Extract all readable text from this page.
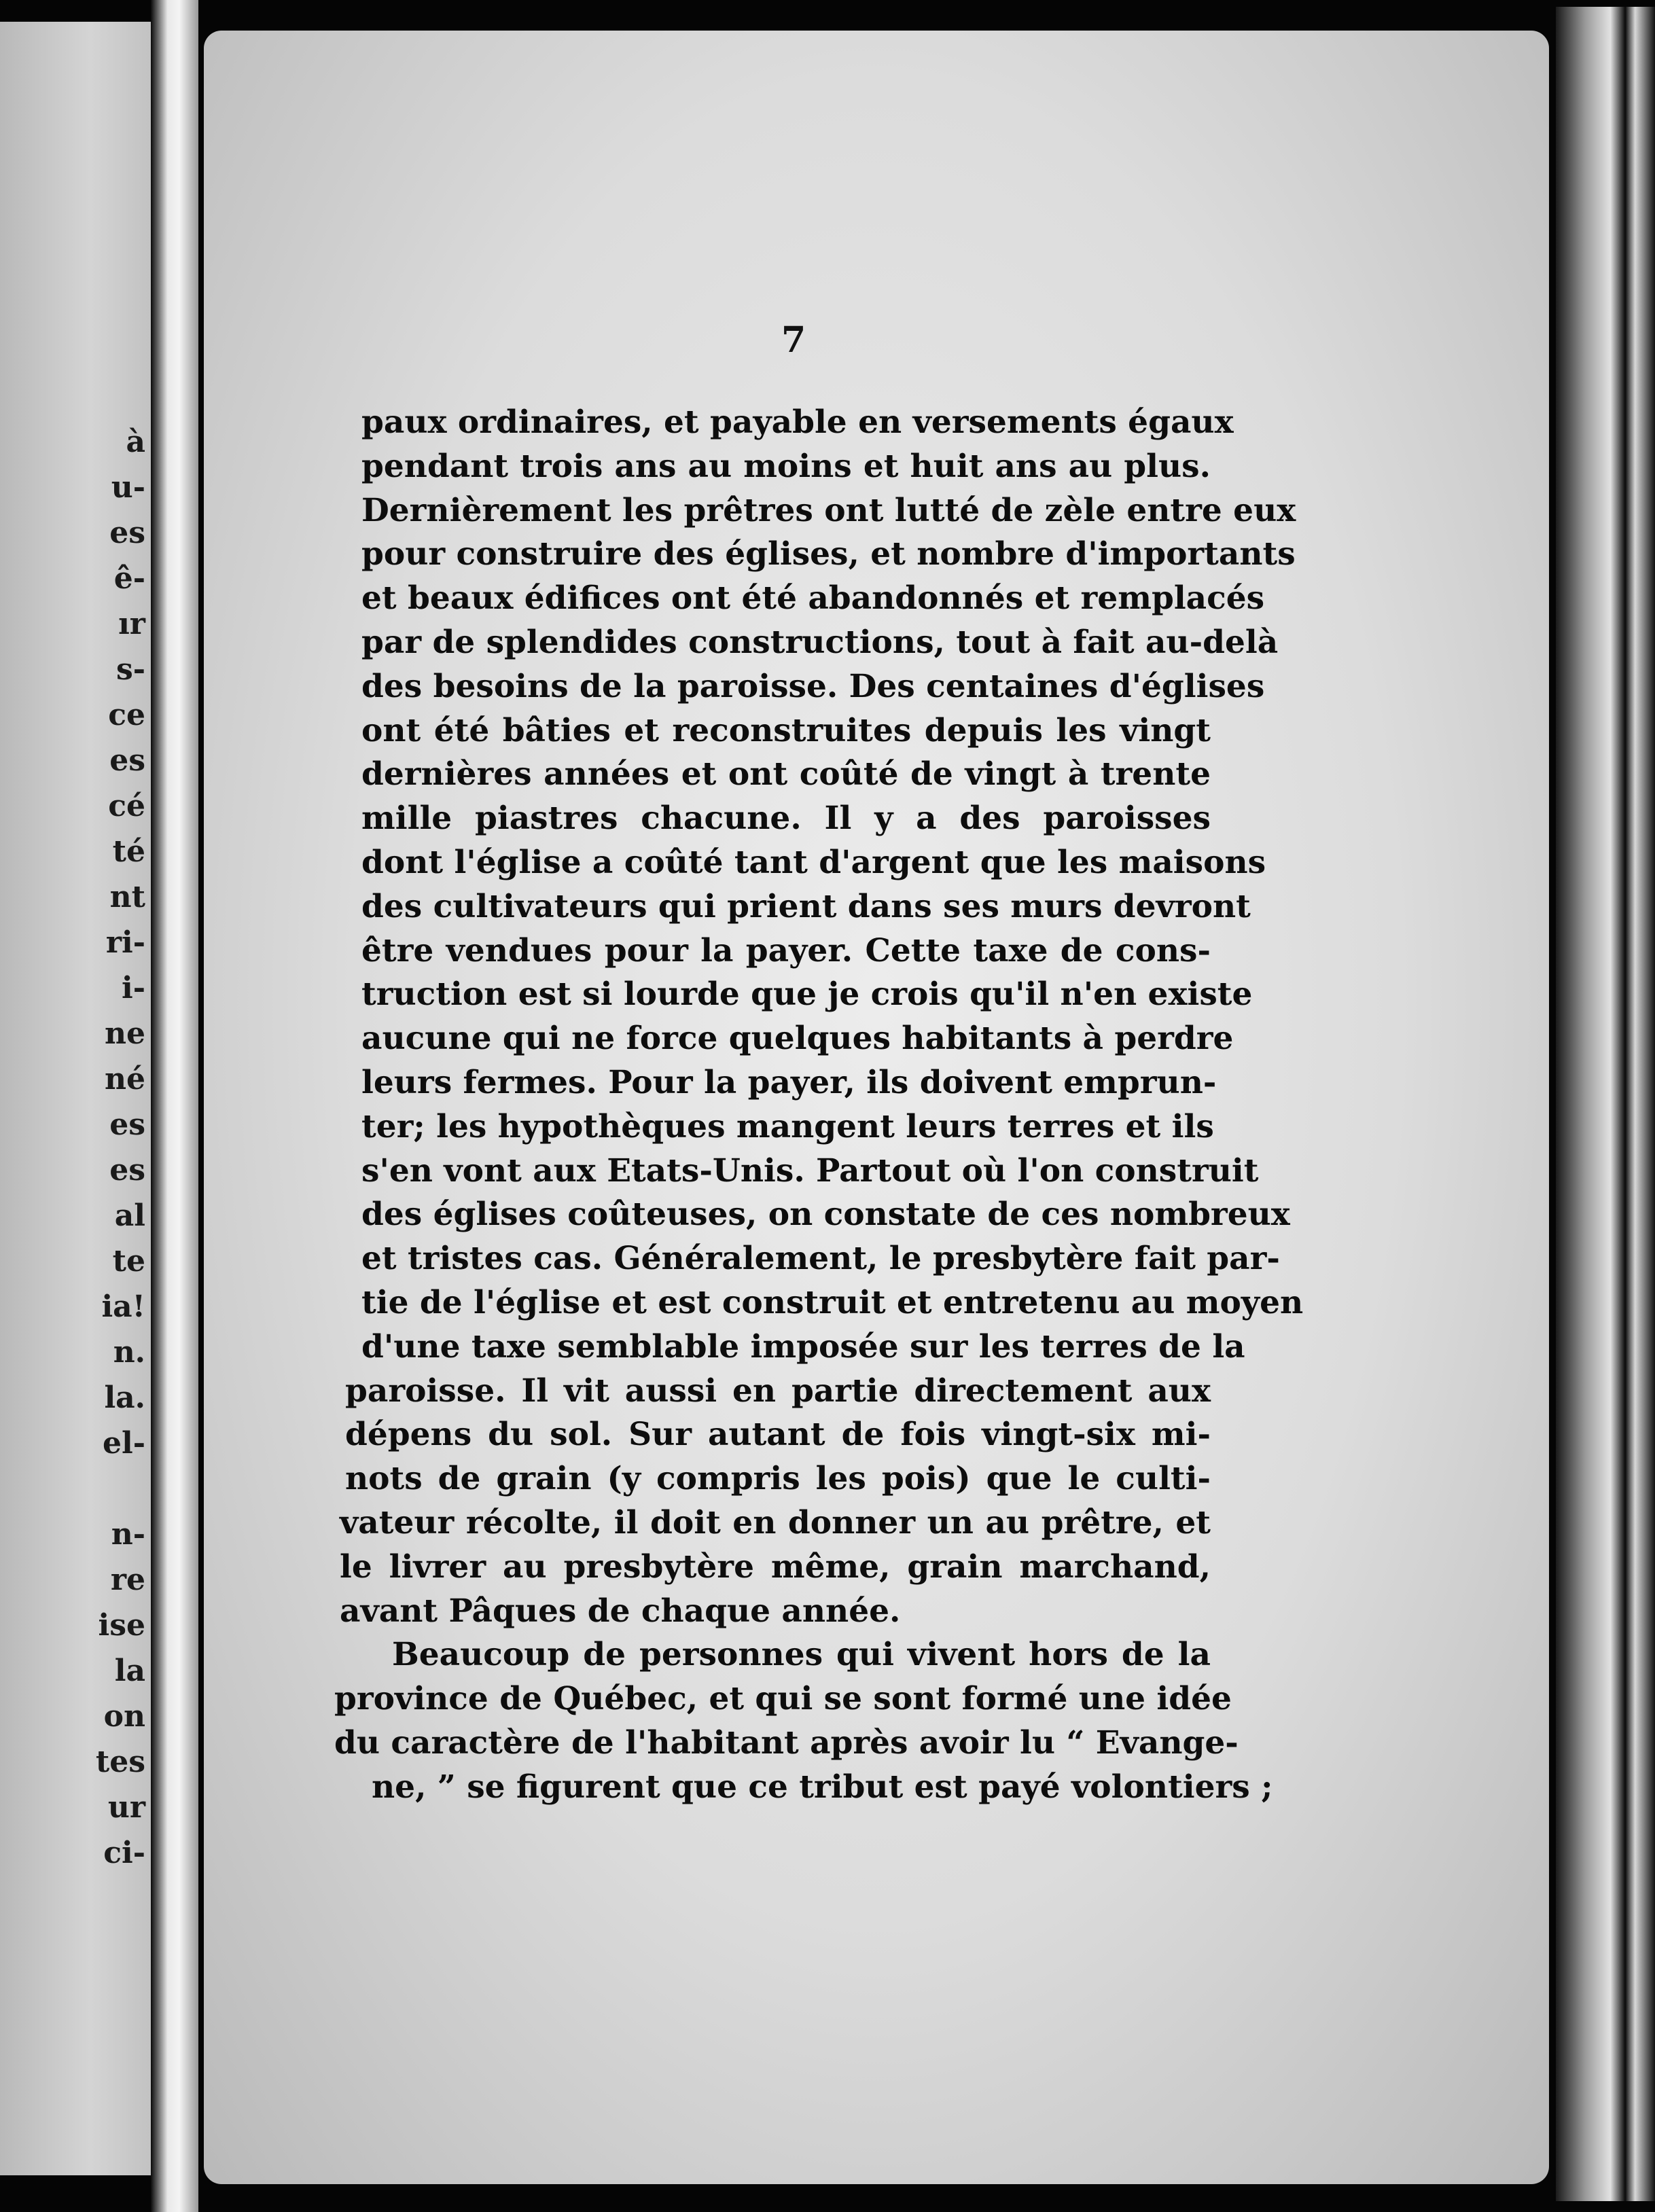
à
u-
es
ê-
ır
s-
ce
es
cé
té
nt
ri-
i-
ne
né
es
es
al
te
ia!
n.
la.
el-
n-
re
ise
la
on
tes
ur
ci-
7
paux ordinaires, et payable en versements égaux
pendant trois ans au moins et huit ans au plus.
Dernièrement les prêtres ont lutté de zèle entre eux
pour construire des églises, et nombre d'importants
et beaux édifices ont été abandonnés et remplacés
par de splendides constructions, tout à fait au-delà
des besoins de la paroisse. Des centaines d'églises
ont été bâties et reconstruites depuis les vingt
dernières années et ont coûté de vingt à trente
mille piastres chacune. Il y a des paroisses
dont l'église a coûté tant d'argent que les maisons
des cultivateurs qui prient dans ses murs devront
être vendues pour la payer. Cette taxe de cons-
truction est si lourde que je crois qu'il n'en existe
aucune qui ne force quelques habitants à perdre
leurs fermes. Pour la payer, ils doivent emprun-
ter; les hypothèques mangent leurs terres et ils
s'en vont aux Etats-Unis. Partout où l'on construit
des églises coûteuses, on constate de ces nombreux
et tristes cas. Généralement, le presbytère fait par-
tie de l'église et est construit et entretenu au moyen
d'une taxe semblable imposée sur les terres de la
paroisse. Il vit aussi en partie directement aux
dépens du sol. Sur autant de fois vingt-six mi-
nots de grain (y compris les pois) que le culti-
vateur récolte, il doit en donner un au prêtre, et
le livrer au presbytère même, grain marchand,
avant Pâques de chaque année.
Beaucoup de personnes qui vivent hors de la
province de Québec, et qui se sont formé une idée
du caractère de l'habitant après avoir lu “ Evange-
ne, ” se figurent que ce tribut est payé volontiers ;
